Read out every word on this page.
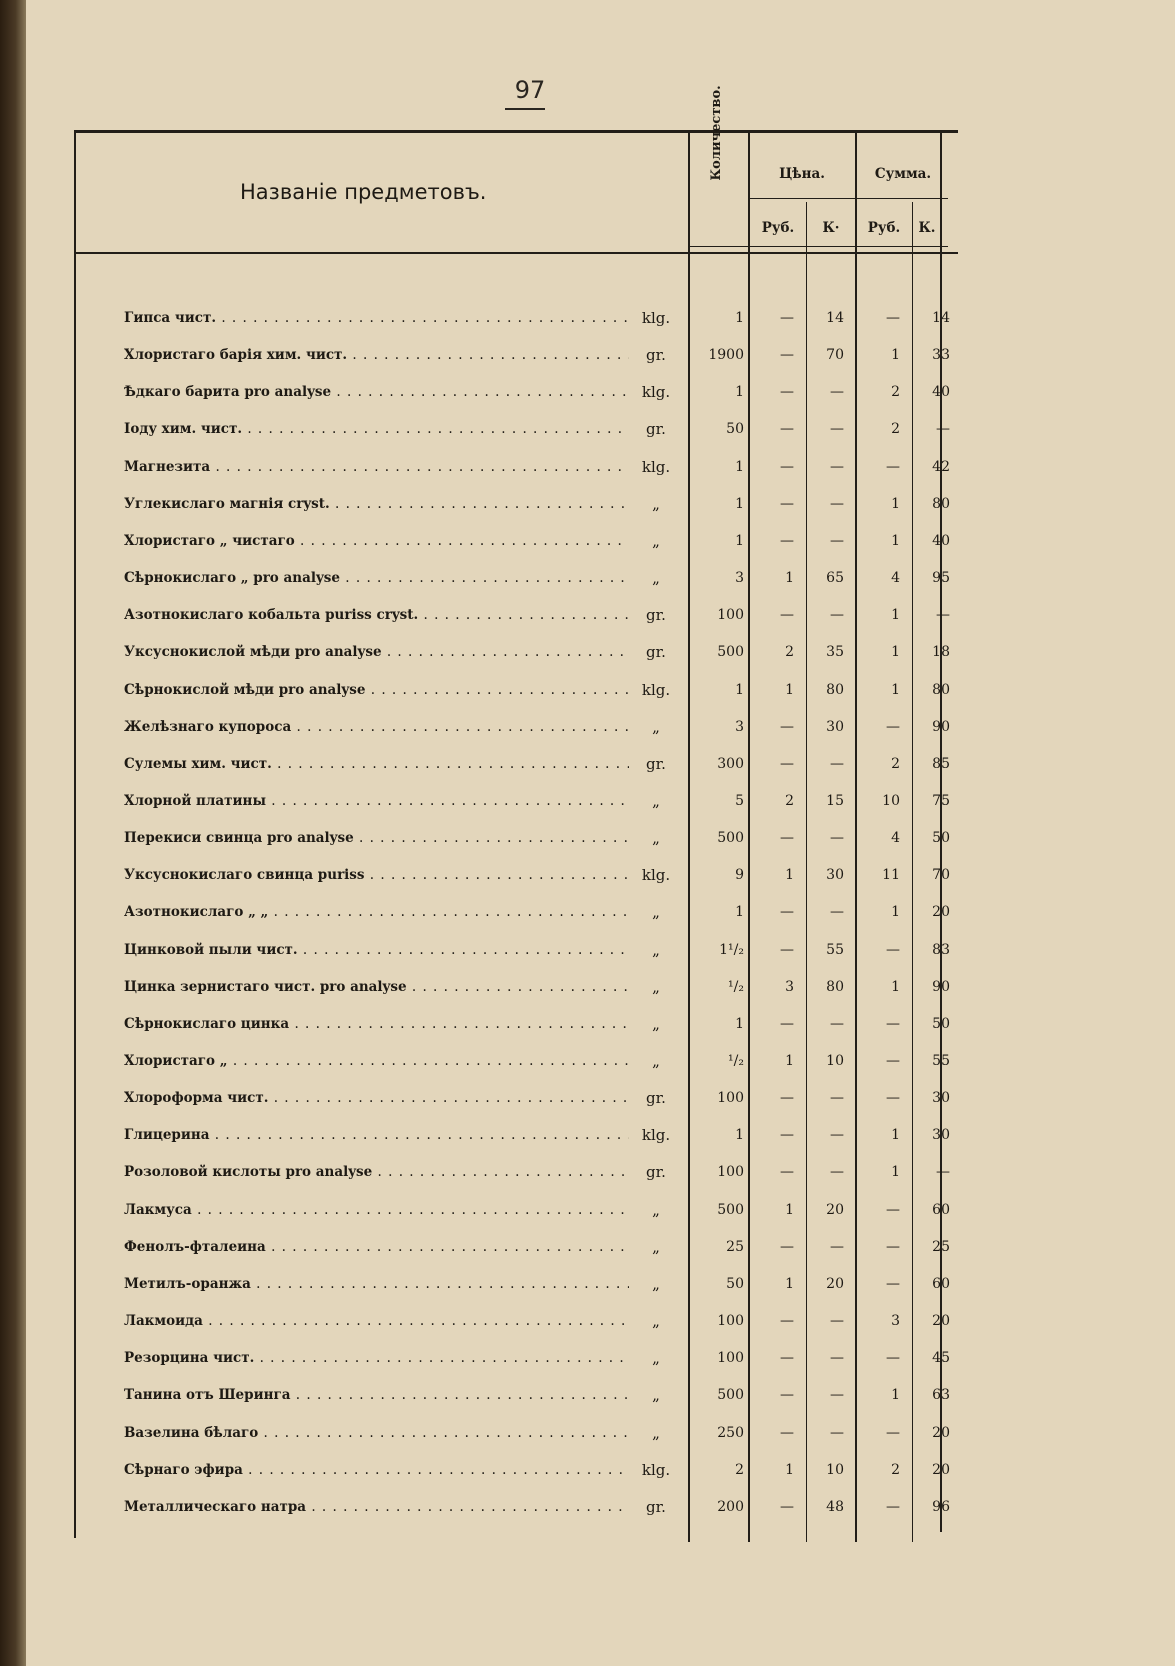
97
Названіе предметовъ.
Количество.	Цѣна.	Сумма.
Руб.	К·	Руб.	К.
Гипса чист. . . .	klg.	1	—	14	—	14
Хлористаго барія хим. чист. . . .	gr.	1900	—	70	1	33
Ѣдкаго барита pro analyse . . .	klg.	1	—	—	2	40
Іоду хим. чист. . . .	gr.	50	—	—	2	—
Магнезита . . .	klg.	1	—	—	—	42
Углекислаго магнія cryst. . . .	„	1	—	—	1	80
Хлористаго „ чистаго . . .	„	1	—	—	1	40
Сѣрнокислаго „ pro analyse . . .	„	3	1	65	4	95
Азотнокислаго кобальта puriss cryst. . . .	gr.	100	—	—	1	—
Уксуснокислой мѣди pro analyse . . .	gr.	500	2	35	1	18
Сѣрнокислой мѣди pro analyse . . .	klg.	1	1	80	1	80
Желѣзнаго купороса . . .	„	3	—	30	—	90
Сулемы хим. чист. . . .	gr.	300	—	—	2	85
Хлорной платины . . .	„	5	2	15	10	75
Перекиси свинца pro analyse . . .	„	500	—	—	4	50
Уксуснокислаго свинца puriss . . .	klg.	9	1	30	11	70
Азотнокислаго „ „ . . .	„	1	—	—	1	20
Цинковой пыли чист. . . .	„	1¹/₂	—	55	—	83
Цинка зернистаго чист. pro analyse . . .	„	¹/₂	3	80	1	90
Сѣрнокислаго цинка . . .	„	1	—	—	—	50
Хлористаго „ . . .	„	¹/₂	1	10	—	55
Хлороформа чист. . . .	gr.	100	—	—	—	30
Глицерина . . .	klg.	1	—	—	1	30
Розоловой кислоты pro analyse . . .	gr.	100	—	—	1	—
Лакмуса . . .	„	500	1	20	—	60
Фенолъ-фталеина . . .	„	25	—	—	—	25
Метилъ-оранжа . . .	„	50	1	20	—	60
Лакмоида . . .	„	100	—	—	3	20
Резорцина чист. . . .	„	100	—	—	—	45
Танина отъ Шеринга . . .	„	500	—	—	1	63
Вазелина бѣлаго . . .	„	250	—	—	—	20
Сѣрнаго эфира . . .	klg.	2	1	10	2	20
Металлическаго натра . . .	gr.	200	—	48	—	96
